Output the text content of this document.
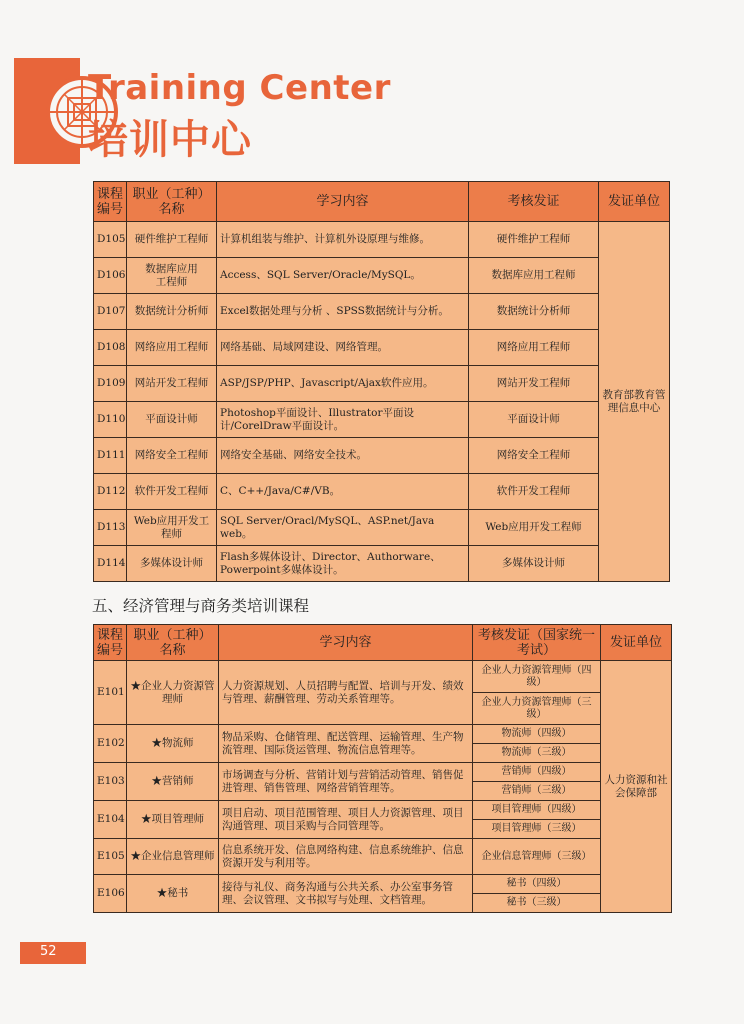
Training Center
培训中心
课程编号	职业（工种）名称	学习内容	考核发证	发证单位
D105	硬件维护工程师	计算机组装与维护、计算机外设原理与维修。	硬件维护工程师	教育部教育管理信息中心
D106	数据库应用　　工程师	Access、SQL Server/Oracle/MySQL。	数据库应用工程师	
D107	数据统计分析师	Excel数据处理与分析 、SPSS数据统计与分析。	数据统计分析师	
D108	网络应用工程师	网络基础、局域网建设、网络管理。	网络应用工程师	
D109	网站开发工程师	ASP/JSP/PHP、Javascript/Ajax软件应用。	网站开发工程师	
D110	平面设计师	Photoshop平面设计、Illustrator平面设计/CorelDraw平面设计。	平面设计师	
D111	网络安全工程师	网络安全基础、网络安全技术。	网络安全工程师	
D112	软件开发工程师	C、C++/Java/C#/VB。	软件开发工程师	
D113	Web应用开发工程师	SQL Server/Oracl/MySQL、ASP.net/Java web。	Web应用开发工程师	
D114	多媒体设计师	Flash多媒体设计、Director、Authorware、Powerpoint多媒体设计。	多媒体设计师	
五、经济管理与商务类培训课程
课程编号	职业（工种）名称	学习内容	考核发证（国家统一考试）	发证单位
E101	★企业人力资源管理师	人力资源规划、人员招聘与配置、培训与开发、绩效与管理、薪酬管理、劳动关系管理等。	企业人力资源管理师（四级）	人力资源和社会保障部
			企业人力资源管理师（三级）	
E102	★物流师	物品采购、仓储管理、配送管理、运输管理、生产物流管理、国际货运管理、物流信息管理等。	物流师（四级）	
			物流师（三级）	
E103	★营销师	市场调查与分析、营销计划与营销活动管理、销售促进管理、销售管理、网络营销管理等。	营销师（四级）	
			营销师（三级）	
E104	★项目管理师	项目启动、项目范围管理、项目人力资源管理、项目沟通管理、项目采购与合同管理等。	项目管理师（四级）	
			项目管理师（三级）	
E105	★企业信息管理师	信息系统开发、信息网络构建、信息系统维护、信息资源开发与利用等。	企业信息管理师（三级）	
E106	★秘书	接待与礼仪、商务沟通与公共关系、办公室事务管理、会议管理、文书拟写与处理、文档管理。	秘书（四级）	
			秘书（三级）	
52
